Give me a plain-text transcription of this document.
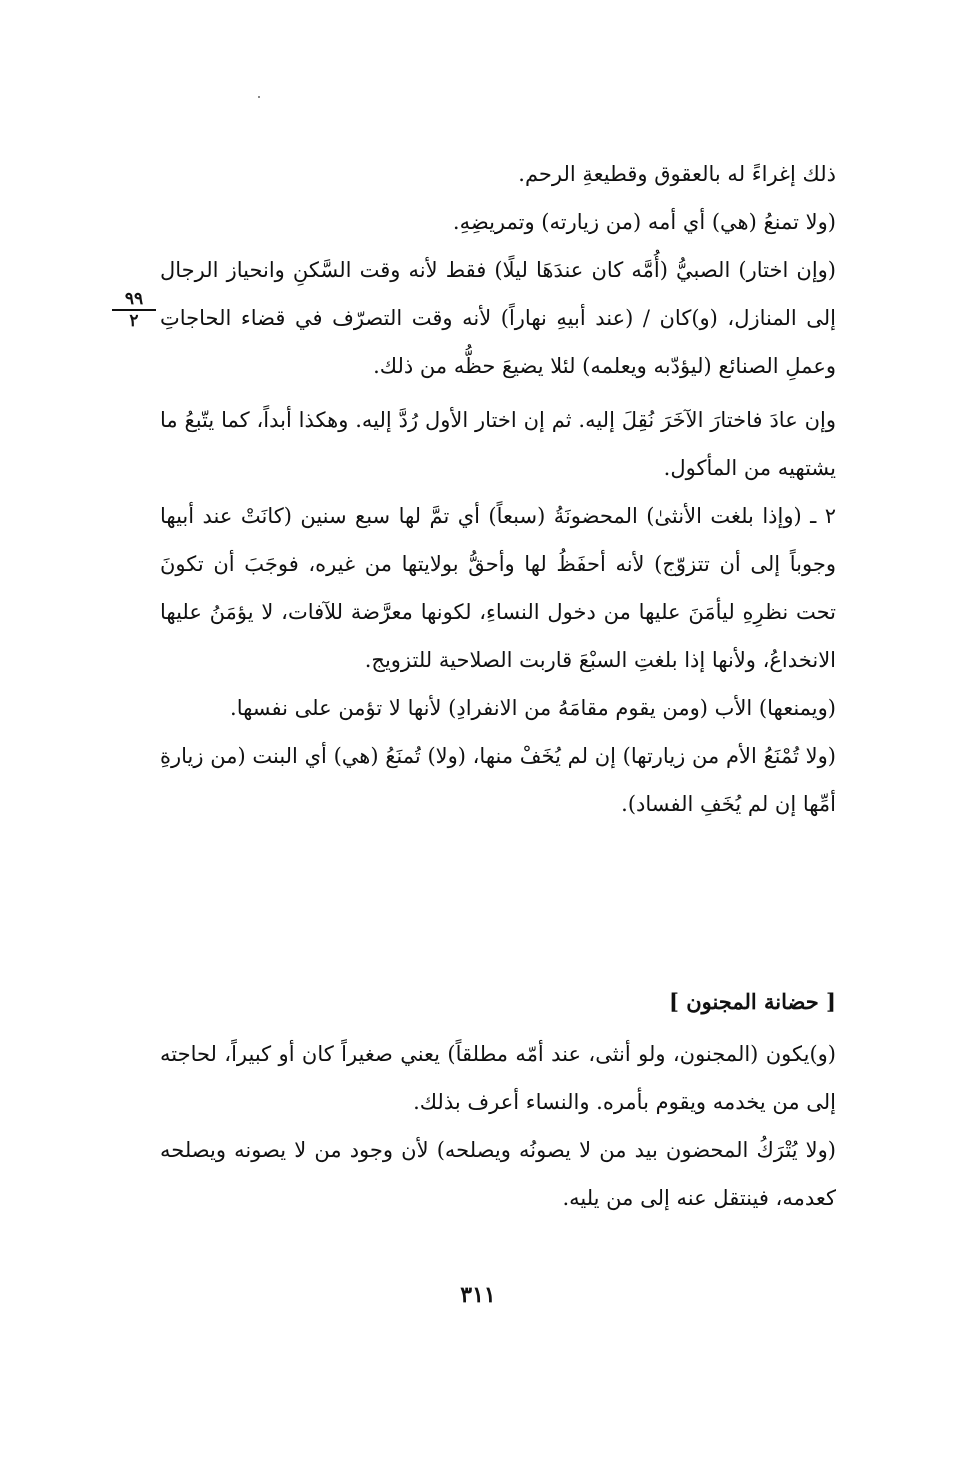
٩٩
٢

ذلك إغراءً له بالعقوق وقطيعةِ الرحم.

(ولا تمنعُ (هي) أي أمه (من زيارته) وتمريضِهِ.

(وإن اختار) الصبيُّ (أُمَّه كان عندَهَا ليلًا) فقط لأنه وقت السَّكنِ وانحياز الرجال إلى المنازل، (و)كان / (عند أبيهِ نهاراً) لأنه وقت التصرّف في قضاء الحاجاتِ وعملِ الصنائع (ليؤدّبه ويعلمه) لئلا يضيعَ حظُّه من ذلك.

وإن عادَ فاختارَ الآخَرَ نُقِلَ إليه. ثم إن اختار الأول رُدَّ إليه. وهكذا أبداً، كما يتّبعُ ما يشتهيه من المأكول.

٢ ـ (وإذا بلغت الأنثىٰ) المحضونَةُ (سبعاً) أي تمَّ لها سبع سنين (كانَتْ عند أبيها وجوباً إلى أن تتزوّج) لأنه أحفَظُ لها وأحقُّ بولايتها من غيره، فوجَبَ أن تكونَ تحت نظرِهِ ليأمَنَ عليها من دخول النساءِ، لكونها معرَّضة للآفات، لا يؤمَنُ عليها الانخداعُ، ولأنها إذا بلغتِ السبْعَ قاربت الصلاحية للتزويج.

(ويمنعها) الأب (ومن يقوم مقامَهُ من الانفرادِ) لأنها لا تؤمن على نفسها.

(ولا تُمْنَعُ الأم من زيارتها) إن لم يُخَفْ منها، (ولا) تُمنَعُ (هي) أي البنت (من زيارةِ أمِّها إن لم يُخَفِ الفساد).

[ حضانة المجنون ]

(و)يكون (المجنون، ولو أنثى، عند أمّه مطلقاً) يعني صغيراً كان أو كبيراً، لحاجته إلى من يخدمه ويقوم بأمره. والنساء أعرف بذلك.

(ولا يُتْرَكُ المحضون بيد من لا يصونُه ويصلحه) لأن وجود من لا يصونه ويصلحه كعدمه، فينتقل عنه إلى من يليه.

٣١١
